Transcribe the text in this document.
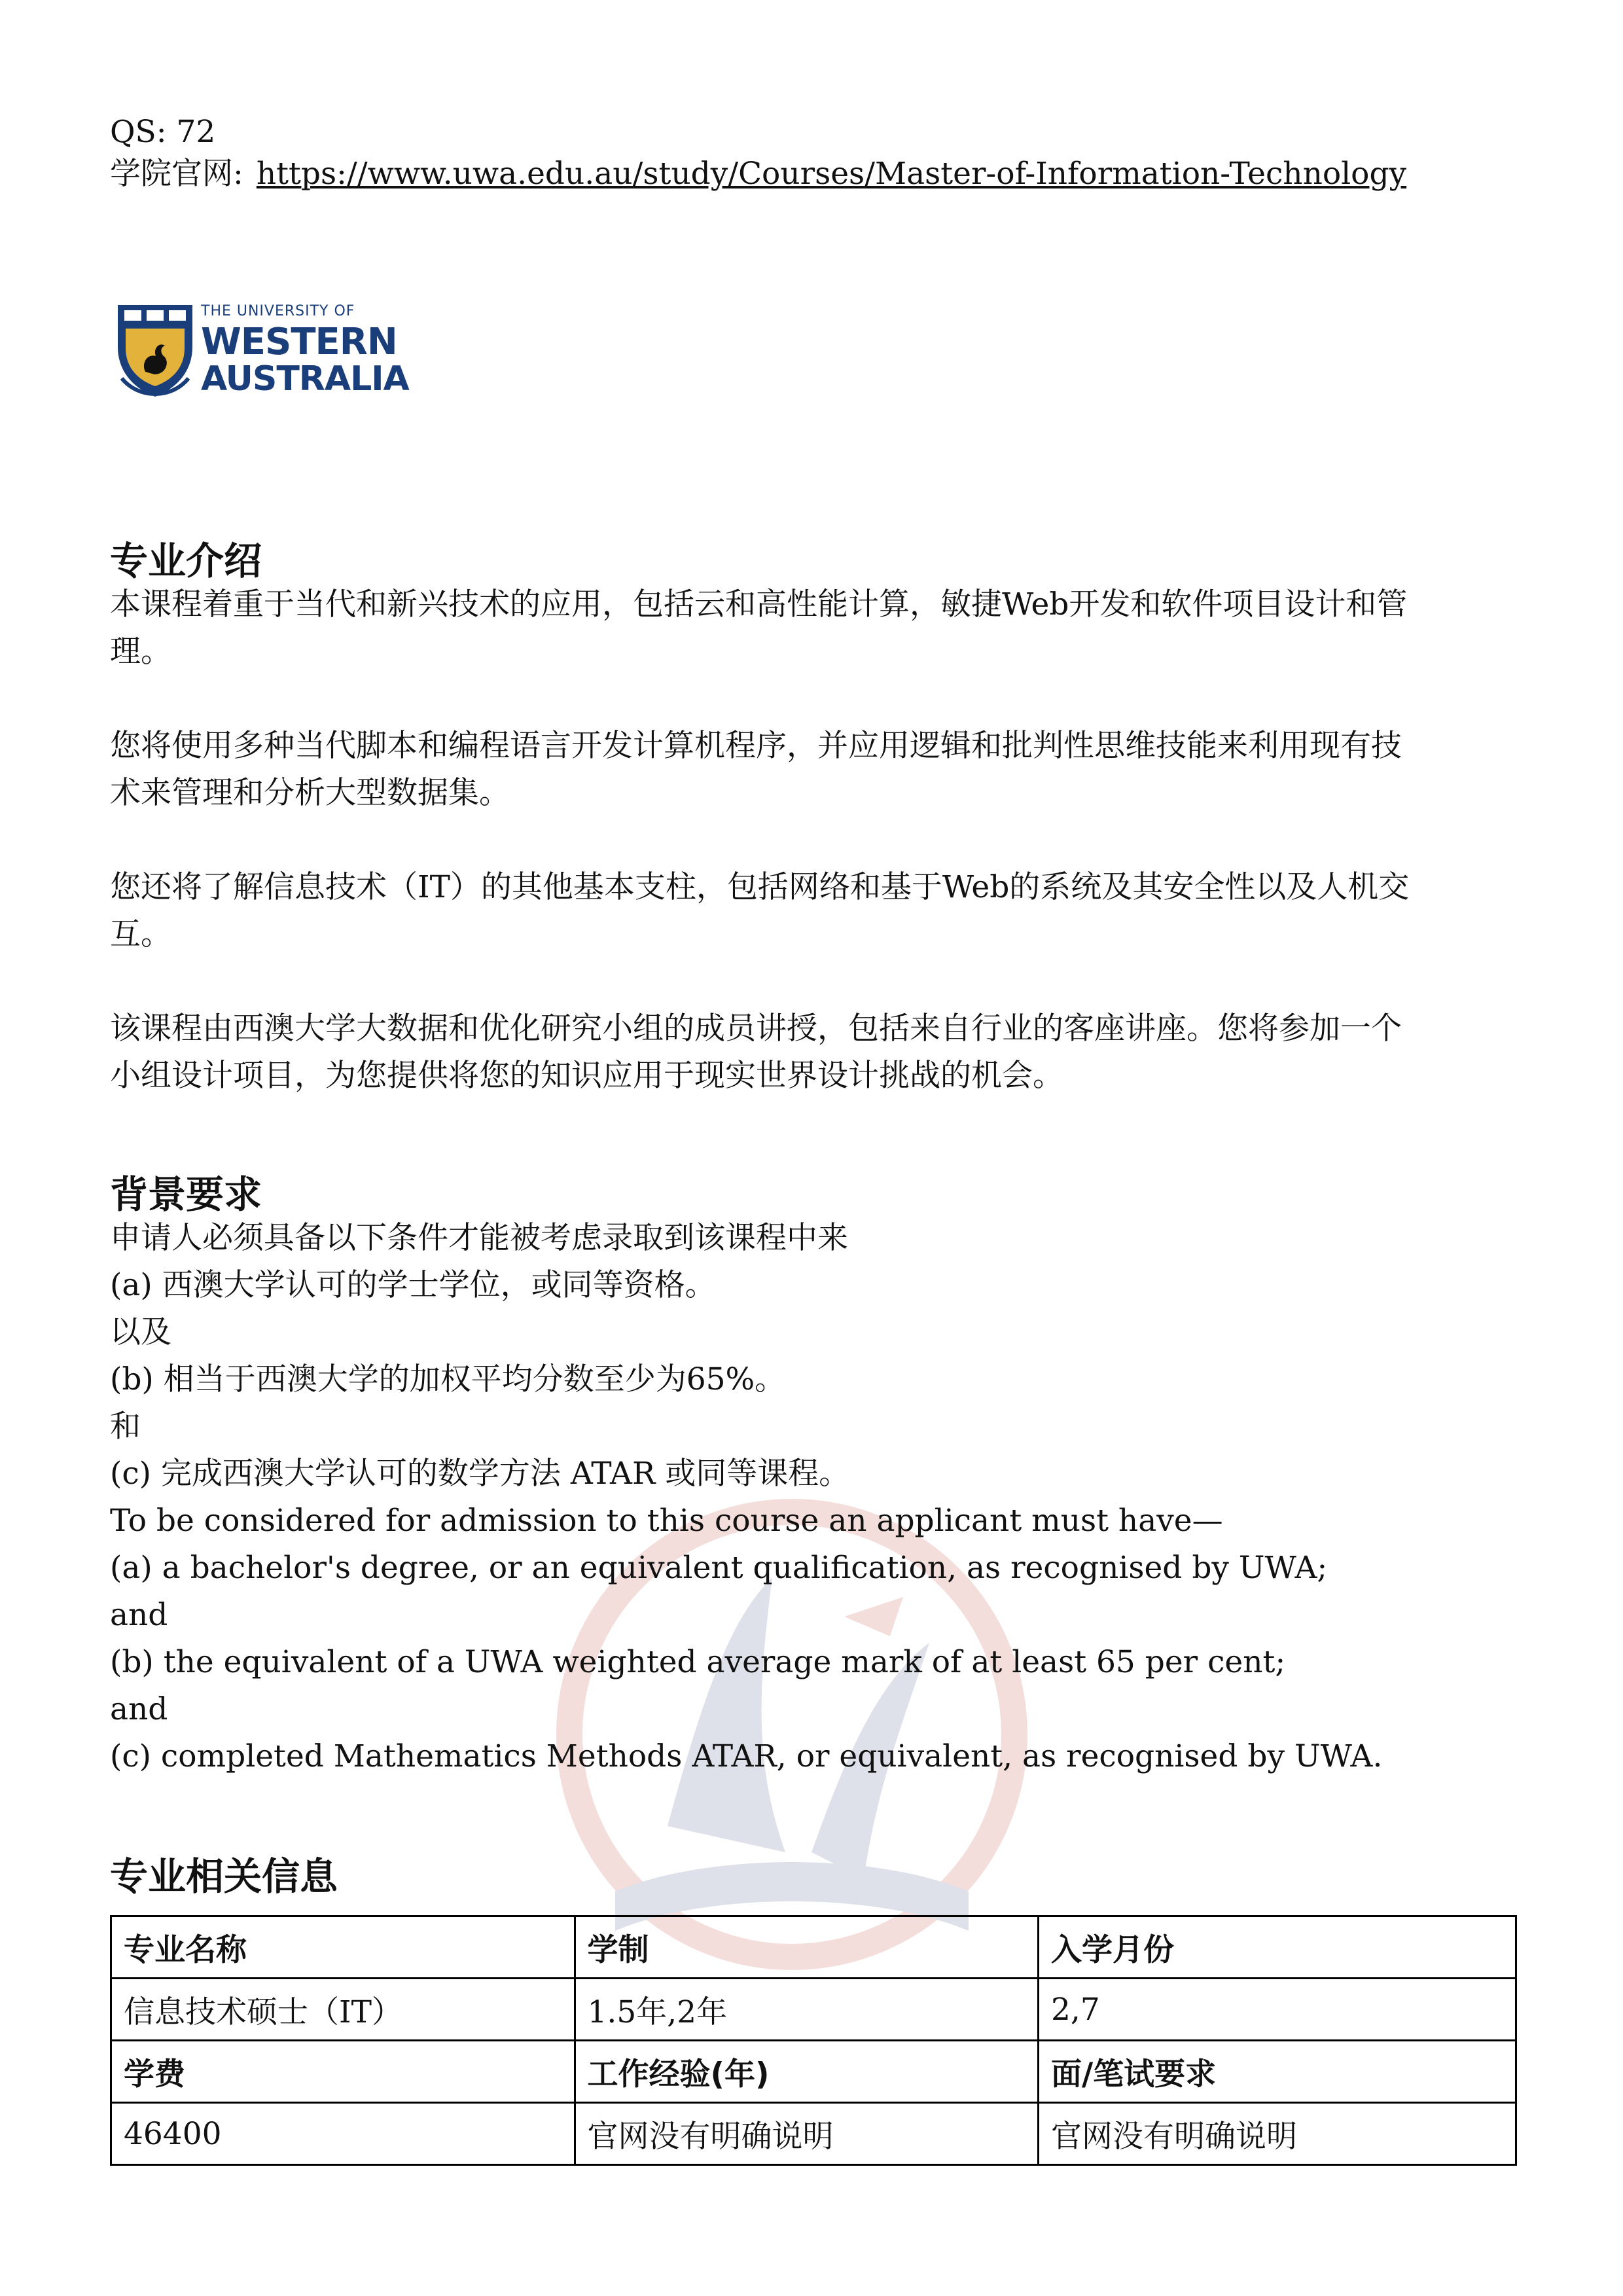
QS: 72
学院官网: https://www.uwa.edu.au/study/Courses/Master-of-Information-Technology
THE UNIVERSITY OF
WESTERN
AUSTRALIA
专业介绍

本课程着重于当代和新兴技术的应用，包括云和高性能计算，敏捷Web开发和软件项目设计和管
理。

您将使用多种当代脚本和编程语言开发计算机程序，并应用逻辑和批判性思维技能来利用现有技
术来管理和分析大型数据集。

您还将了解信息技术（IT）的其他基本支柱，包括网络和基于Web的系统及其安全性以及人机交
互。

该课程由西澳大学大数据和优化研究小组的成员讲授，包括来自行业的客座讲座。您将参加一个
小组设计项目，为您提供将您的知识应用于现实世界设计挑战的机会。

背景要求

申请人必须具备以下条件才能被考虑录取到该课程中来

(a) 西澳大学认可的学士学位，或同等资格。

以及

(b) 相当于西澳大学的加权平均分数至少为65%。

和

(c) 完成西澳大学认可的数学方法 ATAR 或同等课程。

To be considered for admission to this course an applicant must have—

(a) a bachelor's degree, or an equivalent qualification, as recognised by UWA;

and

(b) the equivalent of a UWA weighted average mark of at least 65 per cent;

and

(c) completed Mathematics Methods ATAR, or equivalent, as recognised by UWA.

专业相关信息
专业名称	学制	入学月份
信息技术硕士（IT）	1.5年,2年	2,7
学费	工作经验(年)	面/笔试要求
46400	官网没有明确说明	官网没有明确说明
